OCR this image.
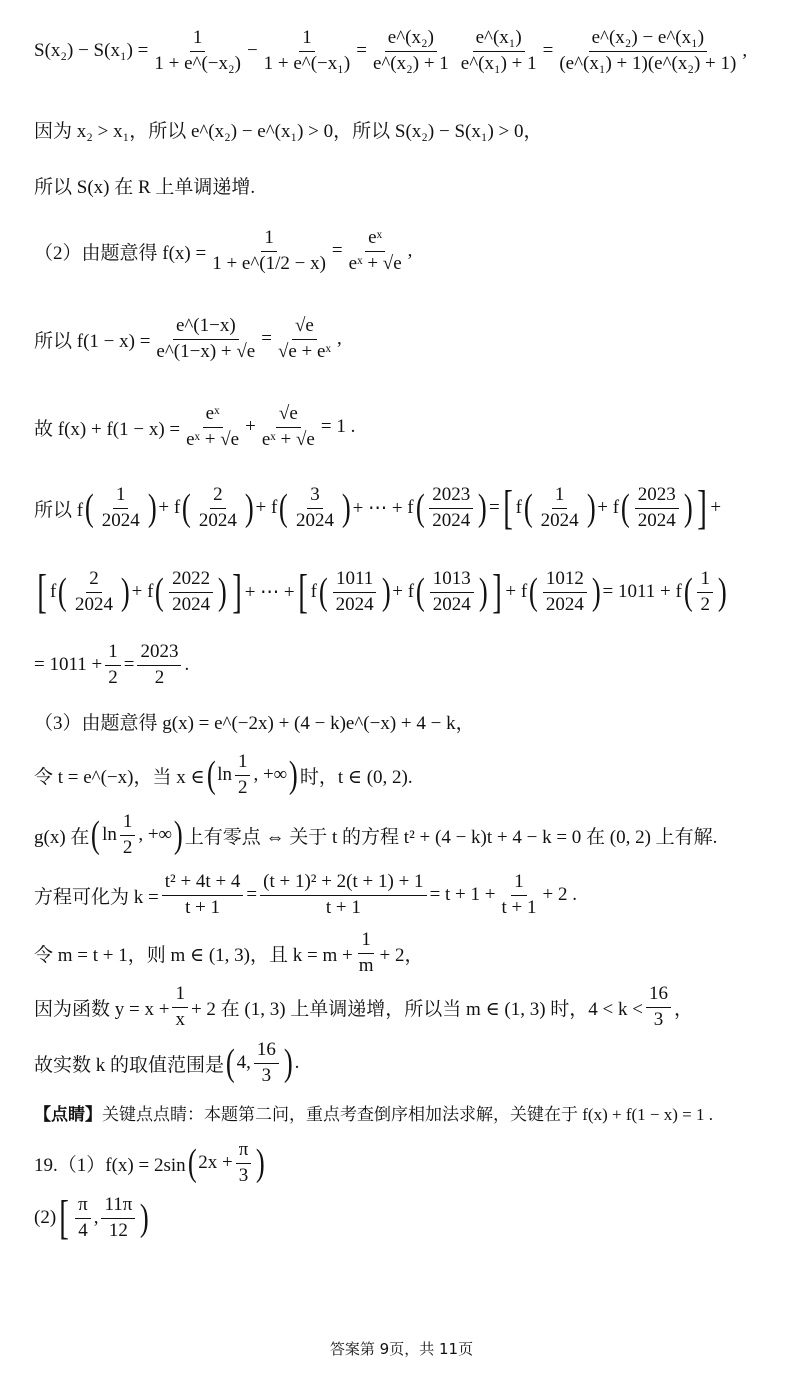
$S(x_2) - S(x_1) = \frac{1}{\text{1 + e\textasciicircum{}(−x₂)}} - \frac{1}{\text{1 + e\textasciicircum{}(−x₁)}} = \frac{\text{e\textasciicircum{}(x₂)}}{\text{e\textasciicircum{}(x₂) + 1}} \frac{\text{e\textasciicircum{}(x₁)}}{\text{e\textasciicircum{}(x₁) + 1}} = \frac{\text{e\textasciicircum{}(x₂) − e\textasciicircum{}(x₁)}}{\text{(e\textasciicircum{}(x₁) + 1)(e\textasciicircum{}(x₂) + 1)}}$ ,
因为 x₂ > x₁，所以 e^(x₂) − e^(x₁) > 0，所以 S(x₂) − S(x₁) > 0，
所以 S(x) 在 R 上单调递增.
（2）由题意得 $f(x) = \frac{1}{1 + e\^{}(1/2 - x)} = \frac{\text{eˣ}}{\text{eˣ + √e}}$ ,
所以 $f(1 - x) = \frac{e\^{}(1-x)}{e\^{}(1-x) + √e} = \frac{√e}{\text{√e + eˣ}}$ ,
故 $f(x) + f(1 - x) = \frac{\text{eˣ}}{\text{eˣ + √e}} + \frac{√e}{\text{eˣ + √e}} = 1$ .
所以 f ( $\frac{1}{2024}$ ) + f ( $\frac{2}{2024}$ ) + f ( $\frac{3}{2024}$ ) + ⋯ + f ( $\frac{2023}{2024}$ ) = [ f ( $\frac{1}{2024}$ ) + f ( $\frac{2023}{2024}$ ) ] +
[ f ( $\frac{2}{2024}$ ) + f ( $\frac{2022}{2024}$ ) ] + ⋯ + [ f ( $\frac{1011}{2024}$ ) + f ( $\frac{1013}{2024}$ ) ] + f ( $\frac{1012}{2024}$ ) = 1011 + f ( $\frac{1}{2}$ )
= $1011 + \frac{1}{2} = \frac{2023}{2}$ .
（3）由题意得 g(x) = e^(−2x) + (4 − k)e^(−x) + 4 − k，
令 t = e^(−x)，当 x ∈ ( $\ln \frac{1}{2}$ , +∞ ) 时，t ∈ (0, 2).
g(x) 在 ( $\ln \frac{1}{2}$ , +∞ ) 上有零点 ⇔ 关于 t 的方程 t² + (4 − k)t + 4 − k = 0 在 (0, 2) 上有解.
方程可化为 $k = \frac{\text{t² + 4t + 4}}{t + 1} = \frac{\text{(t + 1)² + 2(t + 1) + 1}}{t + 1} = t + 1 + \frac{1}{t + 1} + 2$ .
令 m = t + 1，则 m ∈ (1, 3)，且 $k = m + \frac{1}{m} + 2$，
因为函数 $y = x + \frac{1}{x} + 2$ 在 (1, 3) 上单调递增，所以当 m ∈ (1, 3) 时，$4 < k < \frac{16}{3}$ ，
故实数 k 的取值范围是 ( 4, $\frac{16}{3}$ ) .
【点睛】 关键点点睛：本题第二问，重点考查倒序相加法求解，关键在于 f(x) + f(1 − x) = 1 .
19.（1）f(x) = 2sin ( $2x + \frac{\pi}{3}$ )
(2) [ $\frac{\pi}{4}$ , $\frac{11\pi}{12}$ )
答案第 9页，共 11页
